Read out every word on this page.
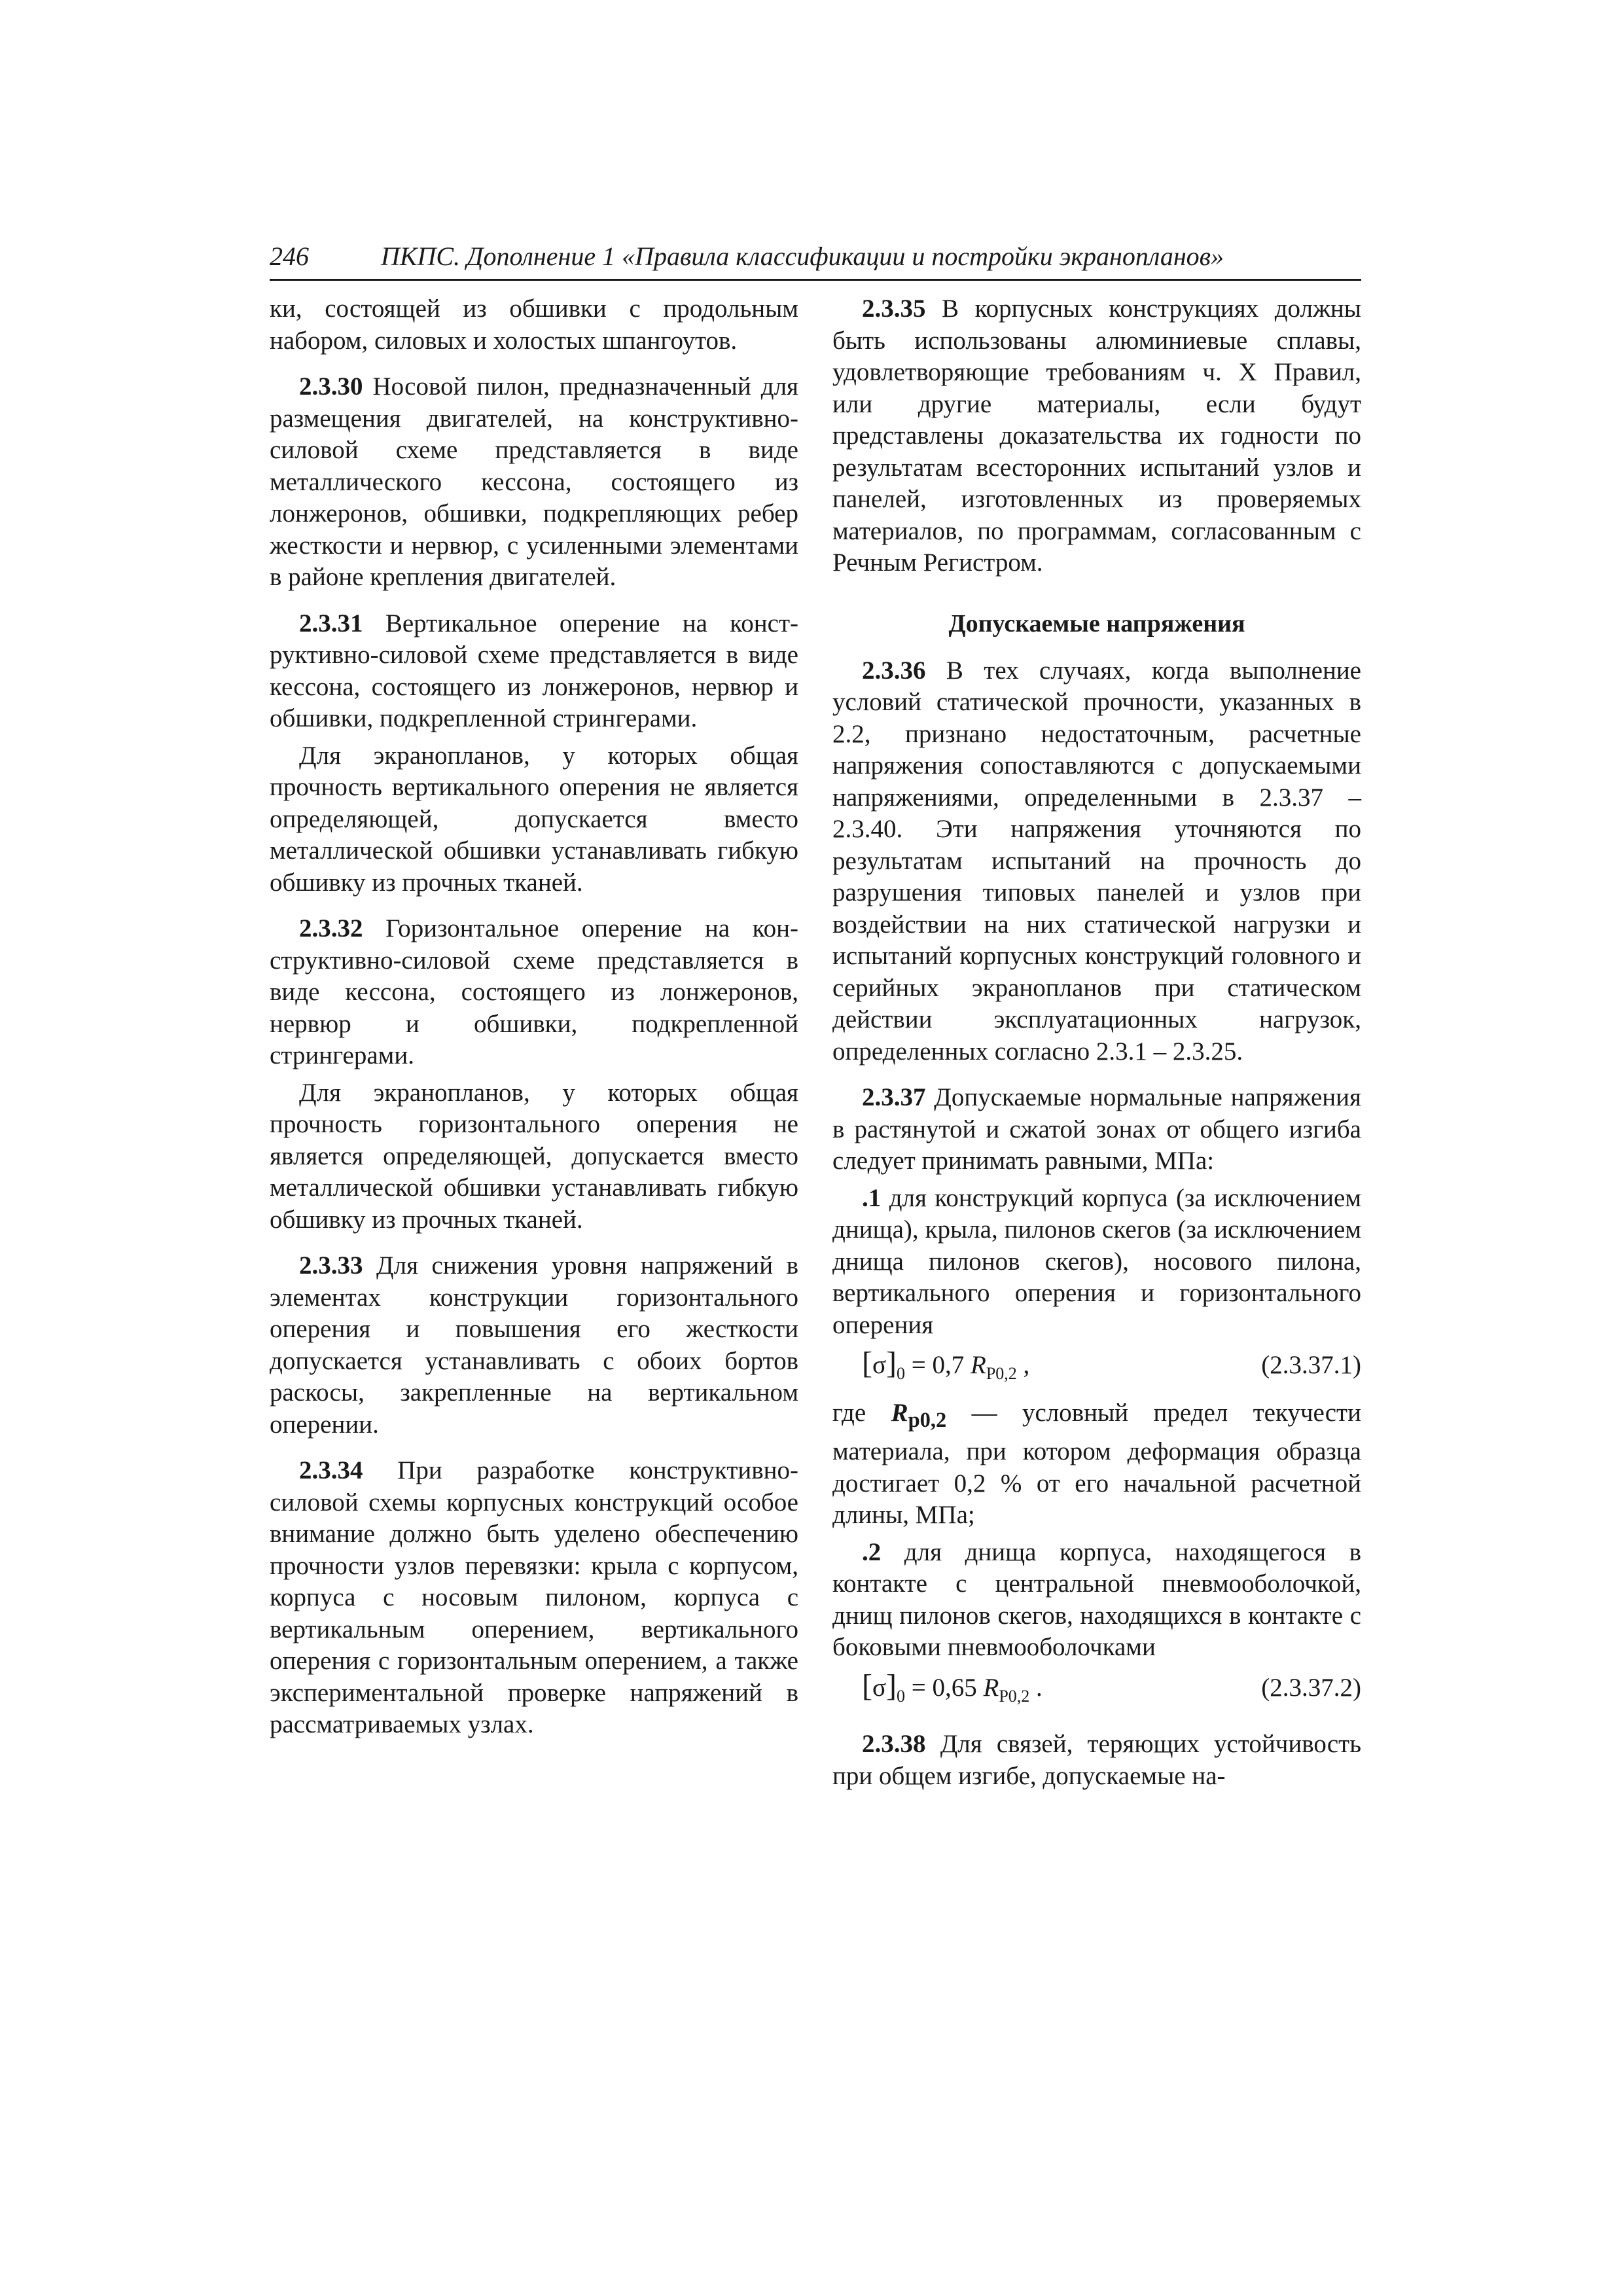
246	ПКПС. Дополнение 1 «Правила классификации и постройки экранопланов»

ки, состоящей из обшивки с продольным набором, силовых и холостых шпангоутов.

2.3.30 Носовой пилон, предназначенный для размещения двигателей, на конструктивно-силовой схеме представляется в виде металлического кессона, состоящего из лонжеронов, обшивки, подкрепляющих ребер жесткости и нервюр, с усиленными элементами в районе крепления двигателей.

2.3.31 Вертикальное оперение на конструктивно-силовой схеме представляется в виде кессона, состоящего из лонжеронов, нервюр и обшивки, подкрепленной стрингерами.

Для экранопланов, у которых общая прочность вертикального оперения не является определяющей, допускается вместо металлической обшивки устанавливать гибкую обшивку из прочных тканей.

2.3.32 Горизонтальное оперение на конструктивно-силовой схеме представляется в виде кессона, состоящего из лонжеронов, нервюр и обшивки, подкрепленной стрингерами.

Для экранопланов, у которых общая прочность горизонтального оперения не является определяющей, допускается вместо металлической обшивки устанавливать гибкую обшивку из прочных тканей.

2.3.33 Для снижения уровня напряжений в элементах конструкции горизонтального оперения и повышения его жесткости допускается устанавливать с обоих бортов раскосы, закрепленные на вертикальном оперении.

2.3.34 При разработке конструктивно-силовой схемы корпусных конструкций особое внимание должно быть уделено обеспечению прочности узлов перевязки: крыла с корпусом, корпуса с носовым пилоном, корпуса с вертикальным оперением, вертикального оперения с горизонтальным оперением, а также экспериментальной проверке напряжений в рассматриваемых узлах.

2.3.35 В корпусных конструкциях должны быть использованы алюминиевые сплавы, удовлетворяющие требованиям ч. X Правил, или другие материалы, если будут представлены доказательства их годности по результатам всесторонних испытаний узлов и панелей, изготовленных из проверяемых материалов, по программам, согласованным с Речным Регистром.

Допускаемые напряжения

2.3.36 В тех случаях, когда выполнение условий статической прочности, указанных в 2.2, признано недостаточным, расчетные напряжения сопоставляются с допускаемыми напряжениями, определенными в 2.3.37 – 2.3.40. Эти напряжения уточняются по результатам испытаний на прочность до разрушения типовых панелей и узлов при воздействии на них статической нагрузки и испытаний корпусных конструкций головного и серийных экранопланов при статическом действии эксплуатационных нагрузок, определенных согласно 2.3.1 – 2.3.25.

2.3.37 Допускаемые нормальные напряжения в растянутой и сжатой зонах от общего изгиба следует принимать равными, МПа:

.1 для конструкций корпуса (за исключением днища), крыла, пилонов скегов (за исключением днища пилонов скегов), носового пилона, вертикального оперения и горизонтального оперения

$[\sigma]_0 = 0,7$ $R_{P0,2}$ ,	(2.3.37.1)

где $R_{p0,2}$ — условный предел текучести материала, при котором деформация образца достигает 0,2 % от его начальной расчетной длины, МПа;

.2 для днища корпуса, находящегося в контакте с центральной пневмооболочкой, днищ пилонов скегов, находящихся в контакте с боковыми пневмооболочками

$[\sigma]_0 = 0,65$ $R_{P0,2}$ .	(2.3.37.2)

2.3.38 Для связей, теряющих устойчивость при общем изгибе, допускаемые на-
